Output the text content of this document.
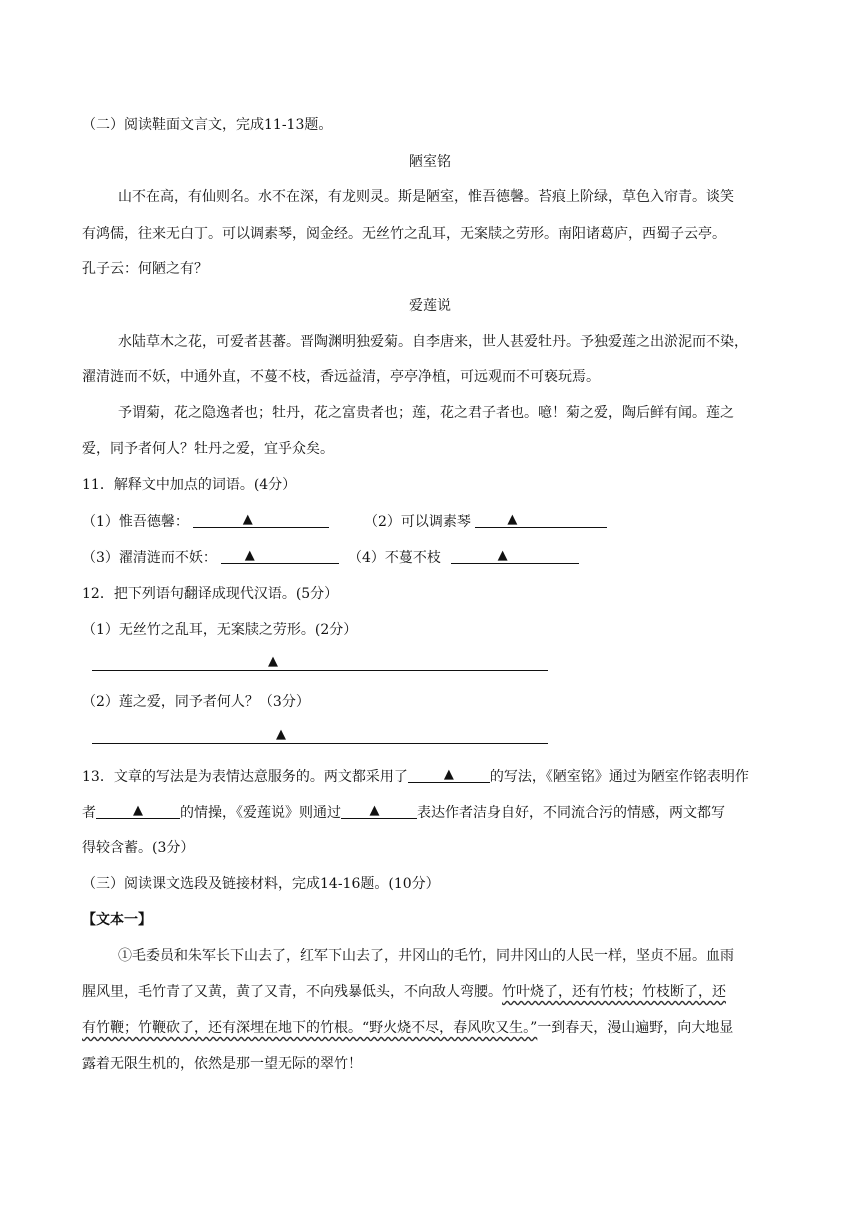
（二）阅读鞋面文言文，完成11-13题。
陋室铭
山不在高，有仙则名。水不在深，有龙则灵。斯是陋室，惟吾德馨。苔痕上阶绿，草色入帘青。谈笑
有鸿儒，往来无白丁。可以调素琴，阅金经。无丝竹之乱耳，无案牍之劳形。南阳诸葛庐，西蜀子云亭。
孔子云：何陋之有？
爱莲说
水陆草木之花，可爱者甚蕃。晋陶渊明独爱菊。自李唐来，世人甚爱牡丹。予独爱莲之出淤泥而不染，
濯清涟而不妖，中通外直，不蔓不枝，香远益清，亭亭净植，可远观而不可亵玩焉。
予谓菊，花之隐逸者也；牡丹，花之富贵者也；莲，花之君子者也。噫！菊之爱，陶后鲜有闻。莲之
爱，同予者何人？牡丹之爱，宜乎众矣。
11．解释文中加点的词语。(4分）
（1）惟吾德馨：	▲	（2）可以调素琴	▲
（3）濯清涟而不妖： ▲	（4）不蔓不枝	▲
12．把下列语句翻译成现代汉语。(5分）
（1）无丝竹之乱耳，无案牍之劳形。(2分）
▲
（2）莲之爱，同予者何人？（3分）
▲
13．文章的写法是为表情达意服务的。两文都采用了	▲	的写法，《陋室铭》通过为陋室作铭表明作
者	▲	的情操，《爱莲说》则通过 ▲	表达作者洁身自好，不同流合污的情感，两文都写
得较含蓄。(3分）
（三）阅读课文选段及链接材料，完成14-16题。(10分）
【文本一】
①毛委员和朱军长下山去了，红军下山去了，井冈山的毛竹，同井冈山的人民一样，坚贞不屈。血雨
腥风里，毛竹青了又黄，黄了又青，不向残暴低头，不向敌人弯腰。竹叶烧了，还有竹枝；竹枝断了，还
有竹鞭；竹鞭砍了，还有深埋在地下的竹根。“野火烧不尽，春风吹又生。”一到春天，漫山遍野，向大地显
露着无限生机的，依然是那一望无际的翠竹！
